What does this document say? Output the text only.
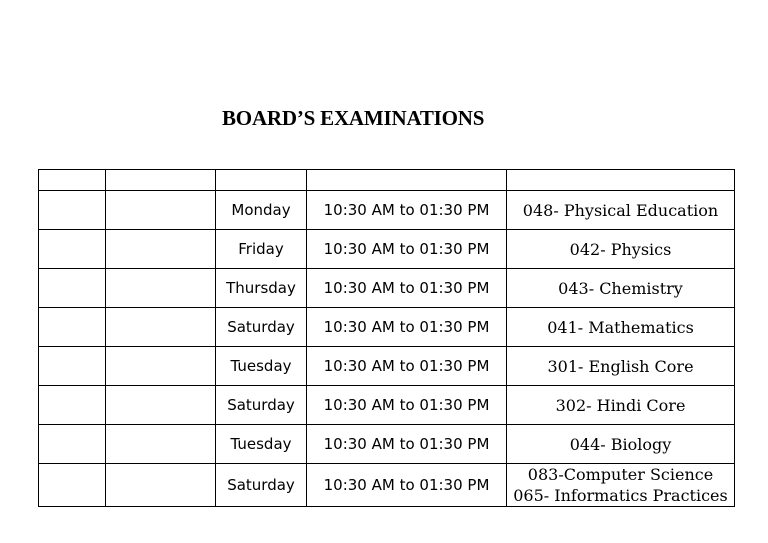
BOARD’S EXAMINATIONS

		Monday	10:30 AM to 01:30 PM	048- Physical Education

		Friday	10:30 AM to 01:30 PM	042- Physics

		Thursday	10:30 AM to 01:30 PM	043- Chemistry

		Saturday	10:30 AM to 01:30 PM	041- Mathematics

		Tuesday	10:30 AM to 01:30 PM	301- English Core

		Saturday	10:30 AM to 01:30 PM	302- Hindi Core

		Tuesday	10:30 AM to 01:30 PM	044- Biology

		Saturday	10:30 AM to 01:30 PM	083-Computer Science
065- Informatics Practices
